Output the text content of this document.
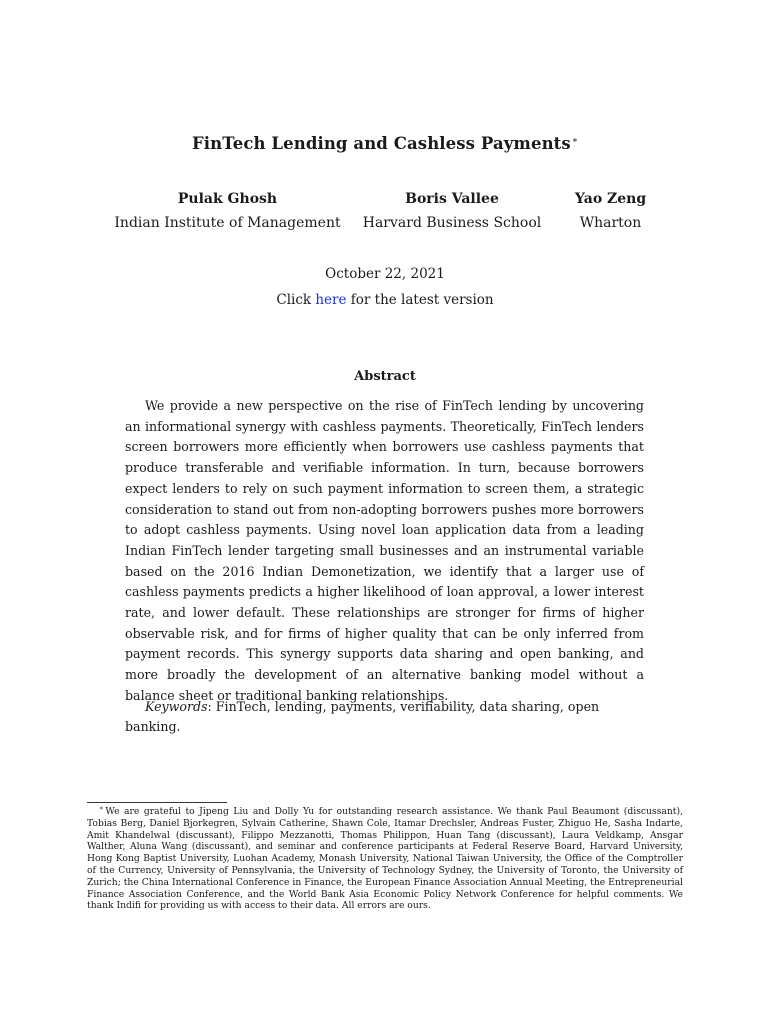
FinTech Lending and Cashless Payments∗
Pulak Ghosh
Indian Institute of Management
Boris Vallee
Harvard Business School
Yao Zeng
Wharton
October 22, 2021
Click here for the latest version
Abstract

We provide a new perspective on the rise of FinTech lending by uncovering an informational synergy with cashless payments. Theoretically, FinTech lenders screen borrowers more efficiently when borrowers use cashless payments that produce transferable and verifiable information. In turn, because borrowers expect lenders to rely on such payment information to screen them, a strategic consideration to stand out from non-adopting borrowers pushes more borrowers to adopt cashless payments. Using novel loan application data from a leading Indian FinTech lender targeting small businesses and an instrumental variable based on the 2016 Indian Demonetization, we identify that a larger use of cashless payments predicts a higher likelihood of loan approval, a lower interest rate, and lower default. These relationships are stronger for firms of higher observable risk, and for firms of higher quality that can be only inferred from payment records. This synergy supports data sharing and open banking, and more broadly the development of an alternative banking model without a balance sheet or traditional banking relationships.

Keywords: FinTech, lending, payments, verifiability, data sharing, open banking.

∗ We are grateful to Jipeng Liu and Dolly Yu for outstanding research assistance. We thank Paul Beaumont (discussant), Tobias Berg, Daniel Bjorkegren, Sylvain Catherine, Shawn Cole, Itamar Drechsler, Andreas Fuster, Zhiguo He, Sasha Indarte, Amit Khandelwal (discussant), Filippo Mezzanotti, Thomas Philippon, Huan Tang (discussant), Laura Veldkamp, Ansgar Walther, Aluna Wang (discussant), and seminar and conference participants at Federal Reserve Board, Harvard University, Hong Kong Baptist University, Luohan Academy, Monash University, National Taiwan University, the Office of the Comptroller of the Currency, University of Pennsylvania, the University of Technology Sydney, the University of Toronto, the University of Zurich; the China International Conference in Finance, the European Finance Association Annual Meeting, the Entrepreneurial Finance Association Conference, and the World Bank Asia Economic Policy Network Conference for helpful comments. We thank Indifi for providing us with access to their data. All errors are ours.
